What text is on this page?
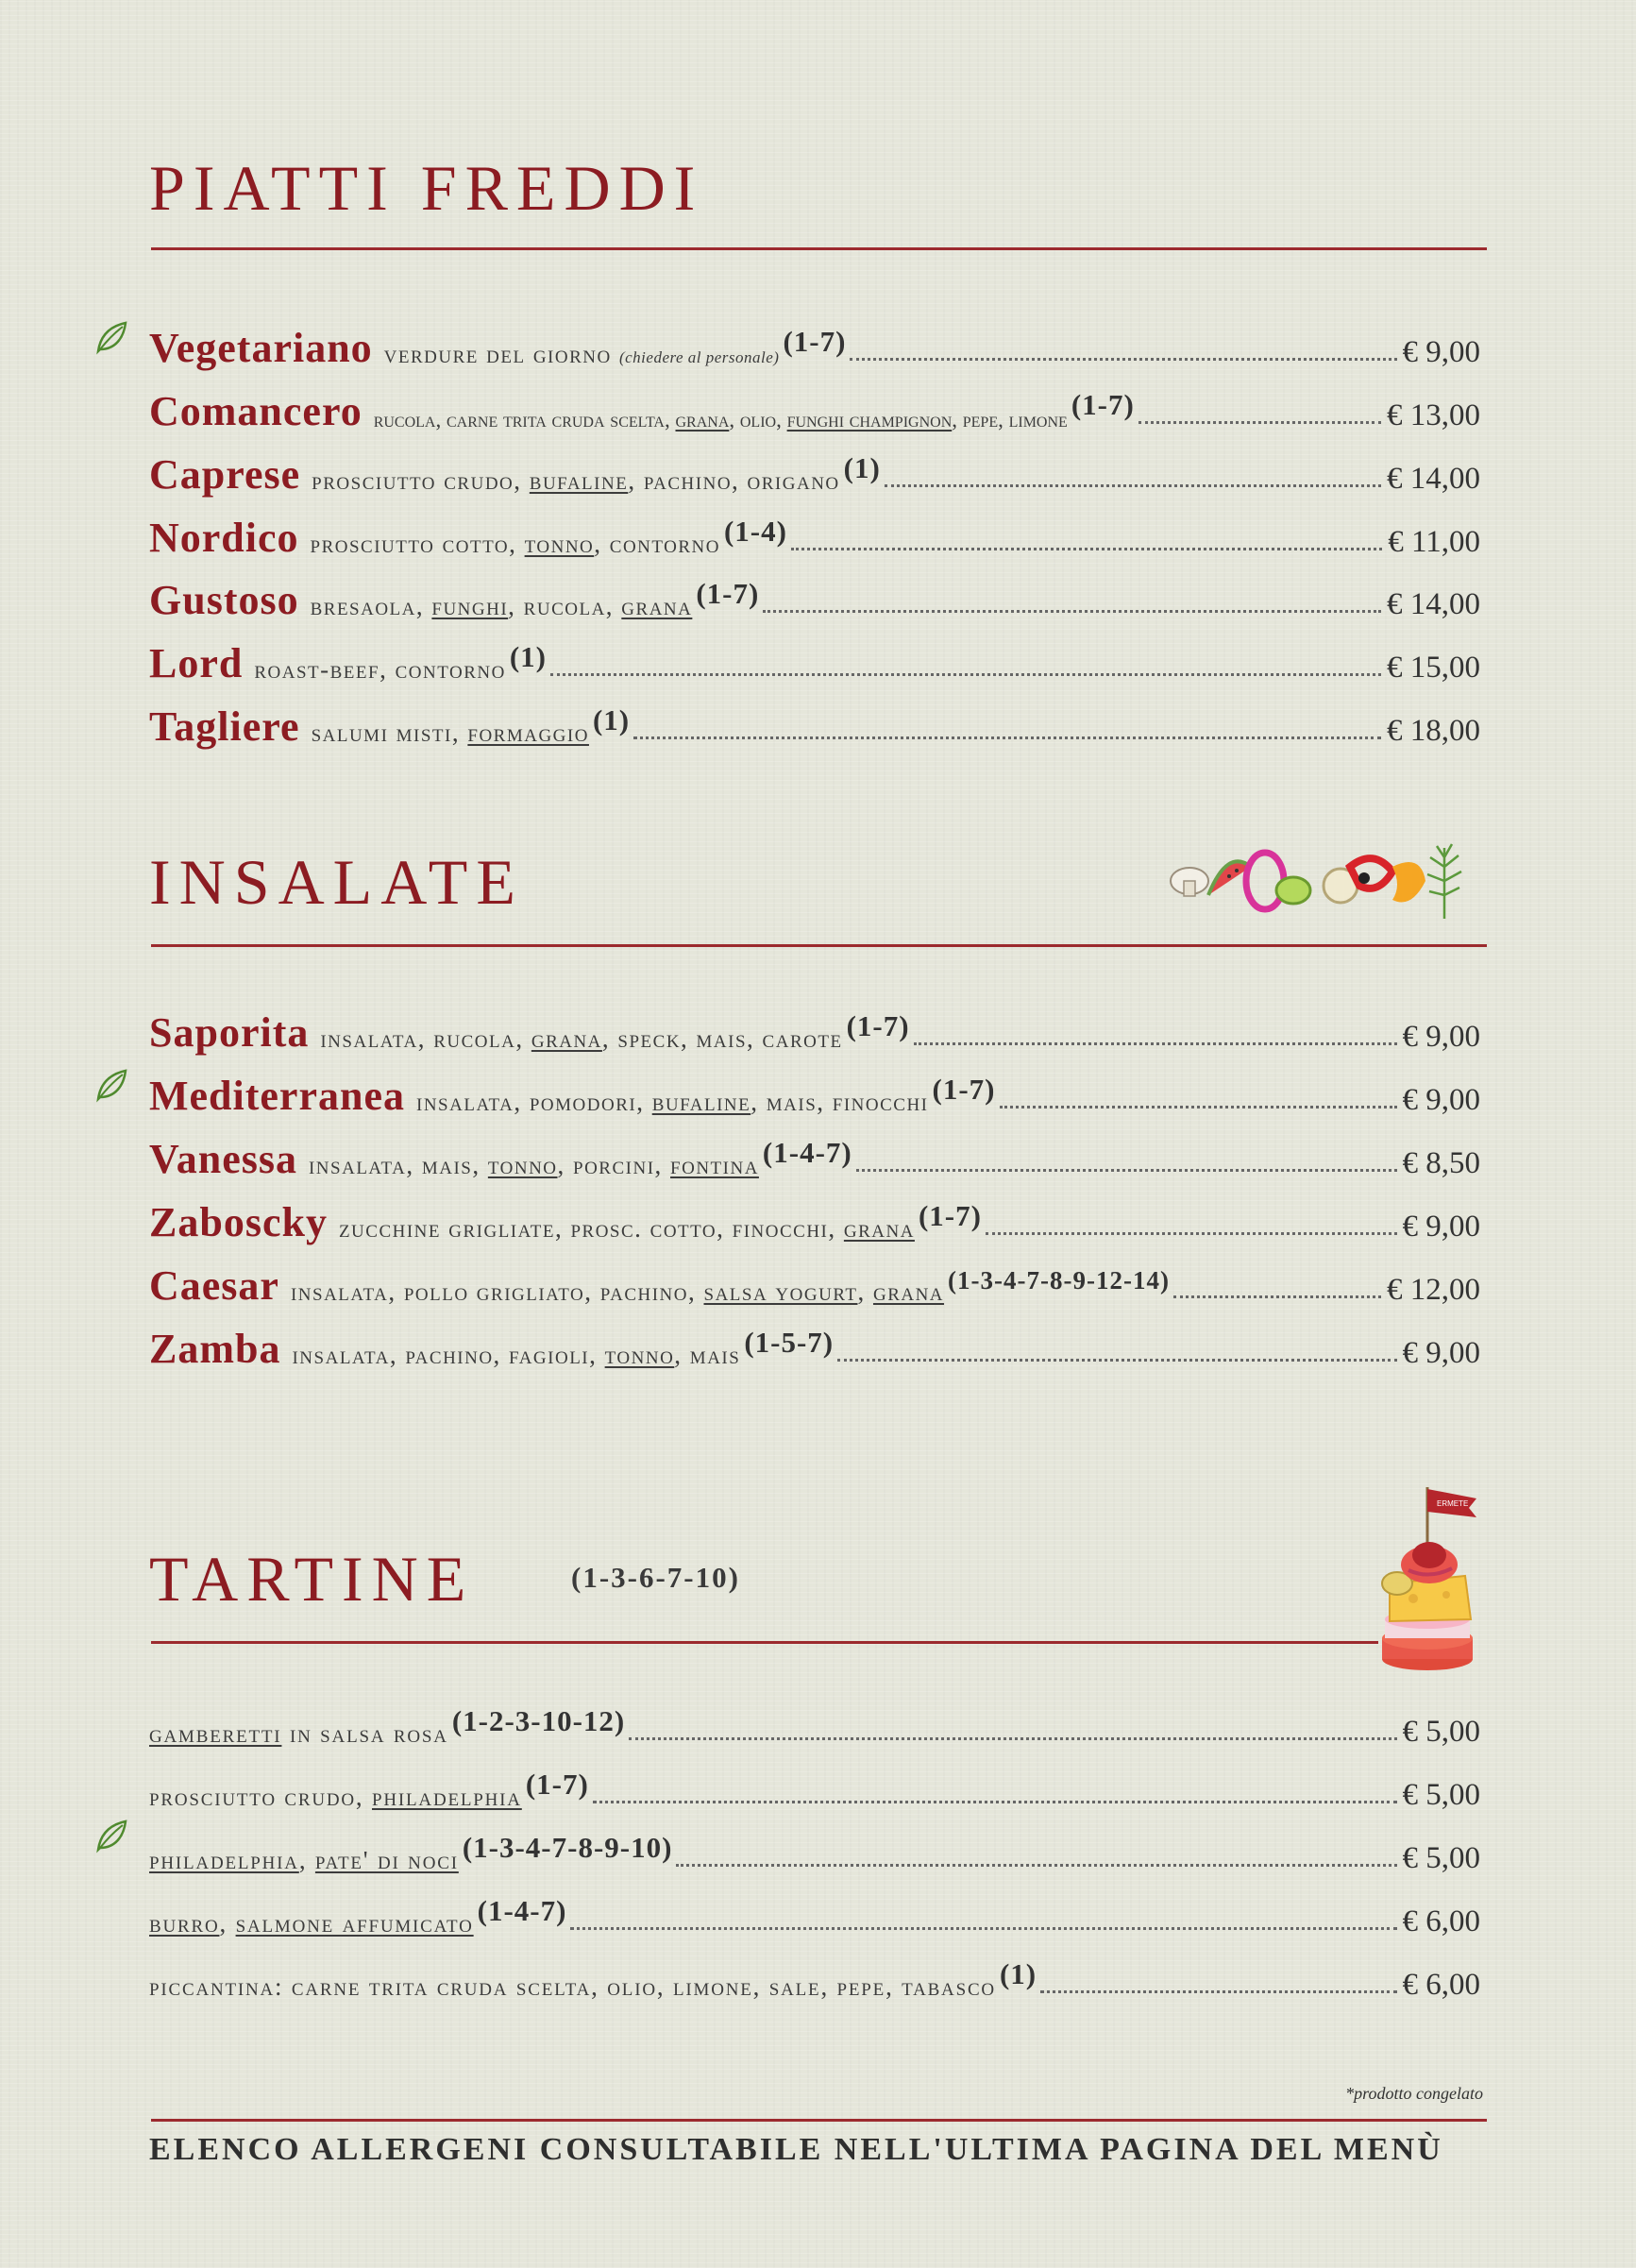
PIATTI FREDDI
Vegetariano verdure del giorno (chiedere al personale) (1-7)	€ 9,00
Comancero rucola, carne trita cruda scelta, grana, olio, funghi champignon, pepe, limone (1-7)	€ 13,00
Caprese prosciutto crudo, bufaline, pachino, origano (1)	€ 14,00
Nordico prosciutto cotto, tonno, contorno (1-4)	€ 11,00
Gustoso bresaola, funghi, rucola, grana (1-7)	€ 14,00
Lord roast-beef, contorno (1)	€ 15,00
Tagliere salumi misti, formaggio (1)	€ 18,00
INSALATE
Saporita insalata, rucola, grana, speck, mais, carote (1-7)	€ 9,00
Mediterranea insalata, pomodori, bufaline, mais, finocchi (1-7)	€ 9,00
Vanessa insalata, mais, tonno, porcini, fontina (1-4-7)	€ 8,50
Zaboscky zucchine grigliate, prosc. cotto, finocchi, grana (1-7)	€ 9,00
Caesar insalata, pollo grigliato, pachino, salsa yogurt, grana (1-3-4-7-8-9-12-14)	€ 12,00
Zamba insalata, pachino, fagioli, tonno, mais (1-5-7)	€ 9,00
TARTINE	(1-3-6-7-10)
ERMETE
gamberetti in salsa rosa (1-2-3-10-12)	€ 5,00
prosciutto crudo, philadelphia (1-7)	€ 5,00
philadelphia, pate' di noci (1-3-4-7-8-9-10)	€ 5,00
burro, salmone affumicato (1-4-7)	€ 6,00
piccantina: carne trita cruda scelta, olio, limone, sale, pepe, tabasco (1)	€ 6,00
*prodotto congelato

ELENCO ALLERGENI CONSULTABILE NELL'ULTIMA PAGINA DEL MENÙ
